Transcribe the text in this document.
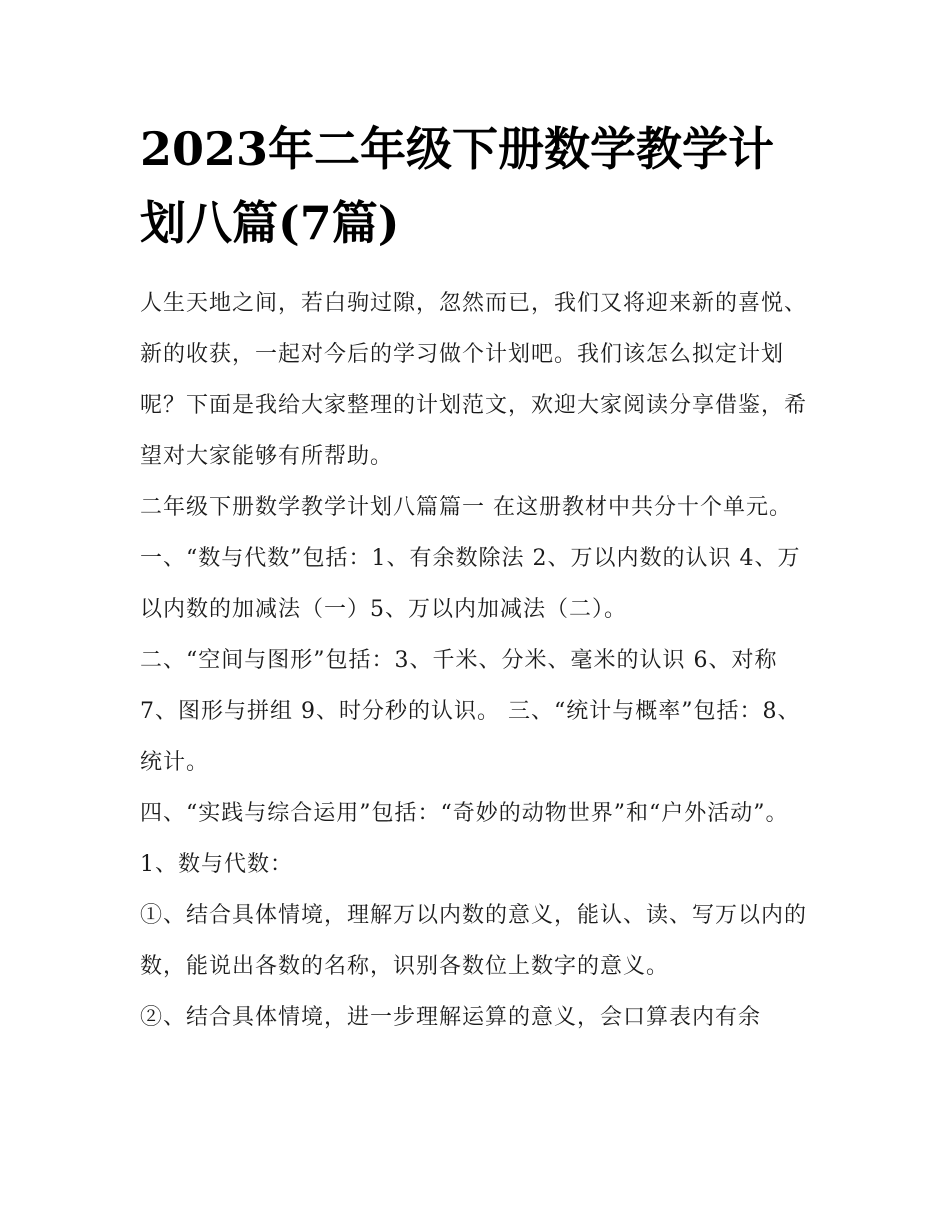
2023年二年级下册数学教学计划八篇(7篇)

人生天地之间，若白驹过隙，忽然而已，我们又将迎来新的喜悦、新的收获，一起对今后的学习做个计划吧。我们该怎么拟定计划呢？下面是我给大家整理的计划范文，欢迎大家阅读分享借鉴，希望对大家能够有所帮助。

二年级下册数学教学计划八篇篇一 在这册教材中共分十个单元。

一、“数与代数”包括：1、有余数除法 2、万以内数的认识 4、万以内数的加减法（一）5、万以内加减法（二）。

二、“空间与图形”包括：3、千米、分米、毫米的认识 6、对称 7、图形与拼组 9、时分秒的认识。 三、“统计与概率”包括：8、统计。

四、“实践与综合运用”包括：“奇妙的动物世界”和“户外活动”。 1、数与代数：

①、结合具体情境，理解万以内数的意义，能认、读、写万以内的数，能说出各数的名称，识别各数位上数字的意义。

②、结合具体情境，进一步理解运算的意义，会口算表内有余
